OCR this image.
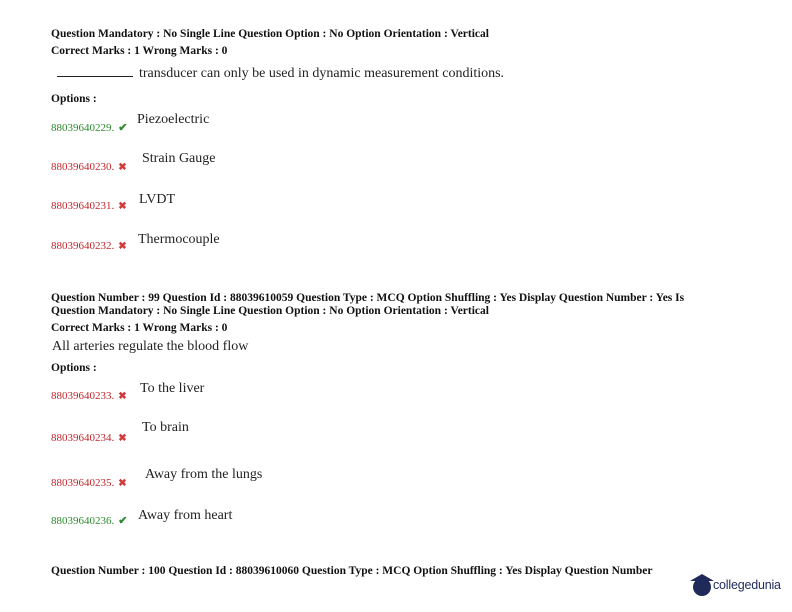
Question Mandatory : No Single Line Question Option : No Option Orientation : Vertical
Correct Marks : 1 Wrong Marks : 0
transducer can only be used in dynamic measurement conditions.
Options :
88039640229. ✔
Piezoelectric
88039640230. ✖
Strain Gauge
88039640231. ✖ LVDT
88039640232. ✖ Thermocouple
Question Number : 99 Question Id : 88039610059 Question Type : MCQ Option Shuffling : Yes Display Question Number : Yes Is
Question Mandatory : No Single Line Question Option : No Option Orientation : Vertical
Correct Marks : 1 Wrong Marks : 0
All arteries regulate the blood flow
Options :
88039640233. ✖
To the liver
88039640234. ✖
To brain
88039640235. ✖
Away from the lungs
88039640236. ✔ Away from heart
Question Number : 100 Question Id : 88039610060 Question Type : MCQ Option Shuffling : Yes Display Question Number
collegedunia
